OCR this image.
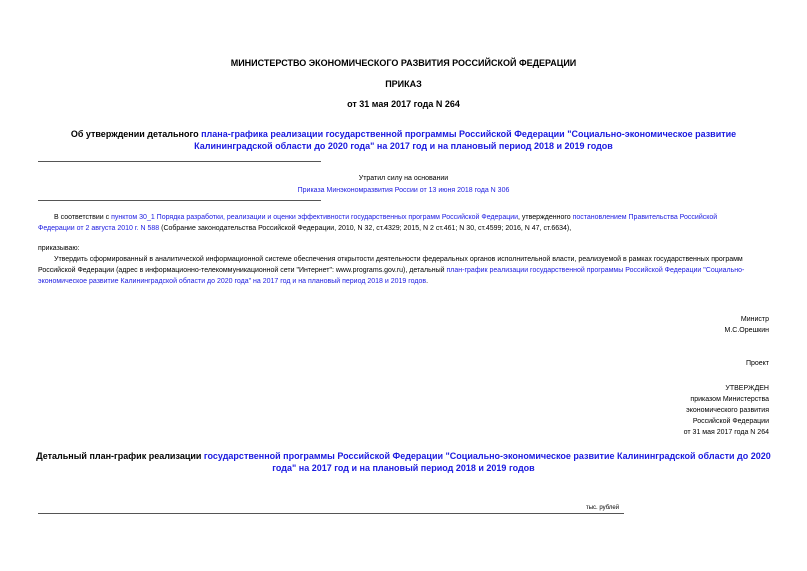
МИНИСТЕРСТВО ЭКОНОМИЧЕСКОГО РАЗВИТИЯ РОССИЙСКОЙ ФЕДЕРАЦИИ
ПРИКАЗ
от 31 мая 2017 года N 264
Об утверждении детального плана-графика реализации государственной программы Российской Федерации "Социально-экономическое развитие
Калининградской области до 2020 года" на 2017 год и на плановый период 2018 и 2019 годов
Утратил силу на основании
Приказа Минэкономразвития России от 13 июня 2018 года N 306
В соответствии с пунктом 30_1 Порядка разработки, реализации и оценки эффективности государственных программ Российской Федерации, утвержденного постановлением Правительства Российской
Федерации от 2 августа 2010 г. N 588 (Собрание законодательства Российской Федерации, 2010, N 32, ст.4329; 2015, N 2 ст.461; N 30, ст.4599; 2016, N 47, ст.6634),
приказываю:
Утвердить сформированный в аналитической информационной системе обеспечения открытости деятельности федеральных органов исполнительной власти, реализуемой в рамках государственных программ
Российской Федерации (адрес в информационно-телекоммуникационной сети "Интернет": www.programs.gov.ru), детальный план-график реализации государственной программы Российской Федерации "Социально-
экономическое развитие Калининградской области до 2020 года" на 2017 год и на плановый период 2018 и 2019 годов.
Министр
М.С.Орешкин
Проект
УТВЕРЖДЕН
приказом Министерства
экономического развития
Российской Федерации
от 31 мая 2017 года N 264
Детальный план-график реализации государственной программы Российской Федерации "Социально-экономическое развитие Калининградской области до 2020
года" на 2017 год и на плановый период 2018 и 2019 годов
тыс. рублей
